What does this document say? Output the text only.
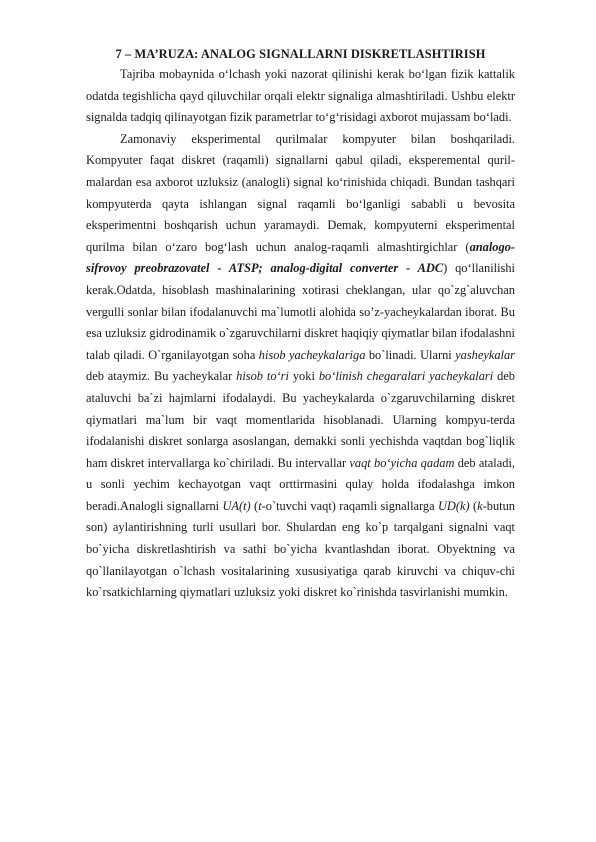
7 – MA’RUZA: ANALOG SIGNALLARNI DISKRETLASHTIRISH

Tajriba mobaynida o‘lchash yoki nazorat qilinishi kerak bo‘lgan fizik kattalik odatda tegishlicha qayd qiluvchilar orqali elektr signaliga almashtiriladi. Ushbu elektr signalda tadqiq qilinayotgan fizik parametrlar to‘g‘risidagi axborot mujassam bo‘ladi.

Zamonaviy eksperimental qurilmalar kompyuter bilan boshqariladi. Kompyuter faqat diskret (raqamli) signallarni qabul qiladi, eksperemental quril-malardan esa axborot uzluksiz (analogli) signal ko‘rinishida chiqadi. Bundan tashqari kompyuterda qayta ishlangan signal raqamli bo‘lganligi sababli u bevosita eksperimentni boshqarish uchun yaramaydi. Demak, kompyuterni eksperimental qurilma bilan o‘zaro bog‘lash uchun analog-raqamli almashtirgichlar (analogo-sifrovoy preobrazovatel - ATSP; analog-digital converter - ADC) qo‘llanilishi kerak.Odatda, hisoblash mashinalarining xotirasi cheklangan, ular qo`zg`aluvchan vergulli sonlar bilan ifodalanuvchi ma`lumotli alohida so’z-yacheykalardan iborat. Bu esa uzluksiz gidrodinamik o`zgaruvchilarni diskret haqiqiy qiymatlar bilan ifodalashni talab qiladi. O`rganilayotgan soha hisob yacheykalariga bo`linadi. Ularni yasheykalar deb ataymiz. Bu yacheykalar hisob to‘ri yoki bo‘linish chegaralari yacheykalari deb ataluvchi ba`zi hajmlarni ifodalaydi. Bu yacheykalarda o`zgaruvchilarning diskret qiymatlari ma`lum bir vaqt momentlarida hisoblanadi. Ularning kompyu-terda ifodalanishi diskret sonlarga asoslangan, demakki sonli yechishda vaqtdan bog`liqlik ham diskret intervallarga ko`chiriladi. Bu intervallar vaqt bo‘yicha qadam deb ataladi, u sonli yechim kechayotgan vaqt orttirmasini qulay holda ifodalashga imkon beradi.Analogli signallarni UA(t) (t-o`tuvchi vaqt) raqamli signallarga UD(k) (k-butun son) aylantirishning turli usullari bor. Shulardan eng ko`p tarqalgani signalni vaqt bo`yicha diskretlashtirish va sathi bo`yicha kvantlashdan iborat. Obyektning va qo`llanilayotgan o`lchash vositalarining xususiyatiga qarab kiruvchi va chiquv-chi ko`rsatkichlarning qiymatlari uzluksiz yoki diskret ko`rinishda tasvirlanishi mumkin.
